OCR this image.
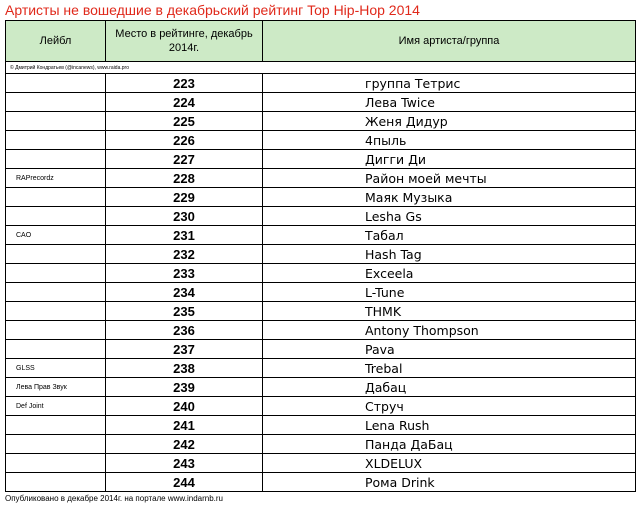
Артисты не вошедшие в декабрьский рейтинг Top Hip-Hop 2014
Лейбл	Место в рейтинге, декабрь 2014г.	Имя артиста/группа
© Дмитрий Кондратьев (@incanews), www.raida.pro		
	223	группа Тетрис
	224	Лева Twice
	225	Женя Дидур
	226	4пыль
	227	Дигги Ди
RAPrecordz	228	Район моей мечты
	229	Маяк Музыка
	230	Lesha Gs
CAO	231	Табал
	232	Hash Tag
	233	Exceela
	234	L-Tune
	235	THMK
	236	Antony Thompson
	237	Pava
GLSS	238	Trebal
Лева Прав Звук	239	Дабац
Def Joint	240	Струч
	241	Lena Rush
	242	Панда ДаБац
	243	XLDELUX
	244	Рома Drink
Опубликовано в декабре 2014г. на портале www.indarnb.ru
